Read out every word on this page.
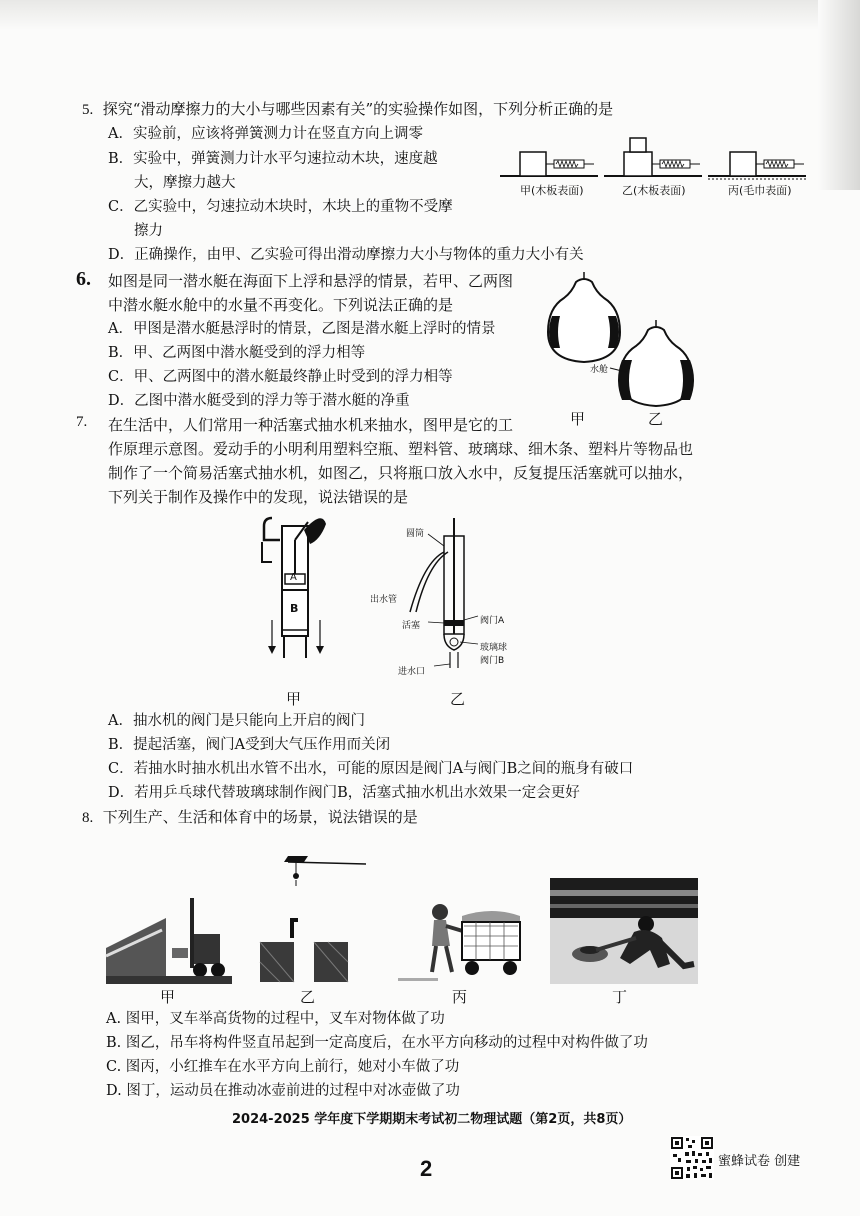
5. 探究“滑动摩擦力的大小与哪些因素有关”的实验操作如图，下列分析正确的是
A．实验前，应该将弹簧测力计在竖直方向上调零
B．实验中，弹簧测力计水平匀速拉动木块，速度越
大，摩擦力越大
C．乙实验中，匀速拉动木块时，木块上的重物不受摩
擦力
D．正确操作，由甲、乙实验可得出滑动摩擦力大小与物体的重力大小有关
甲(木板表面)	乙(木板表面)	丙(毛巾表面)
6. 如图是同一潜水艇在海面下上浮和悬浮的情景，若甲、乙两图
中潜水艇水舱中的水量不再变化。下列说法正确的是
A．甲图是潜水艇悬浮时的情景，乙图是潜水艇上浮时的情景
B．甲、乙两图中潜水艇受到的浮力相等
C．甲、乙两图中的潜水艇最终静止时受到的浮力相等
D．乙图中潜水艇受到的浮力等于潜水艇的净重
水舱
甲	乙
7. 在生活中，人们常用一种活塞式抽水机来抽水，图甲是它的工
作原理示意图。爱动手的小明利用塑料空瓶、塑料管、玻璃球、细木条、塑料片等物品也
制作了一个简易活塞式抽水机，如图乙，只将瓶口放入水中，反复提压活塞就可以抽水，
下列关于制作及操作中的发现，说法错误的是
A
B
甲
圆筒
出水管
活塞	阀门A
玻璃球
阀门B
进水口
乙
A．抽水机的阀门是只能向上开启的阀门
B．提起活塞，阀门A受到大气压作用而关闭
C．若抽水时抽水机出水管不出水，可能的原因是阀门A与阀门B之间的瓶身有破口
D．若用乒乓球代替玻璃球制作阀门B，活塞式抽水机出水效果一定会更好
8. 下列生产、生活和体育中的场景，说法错误的是
甲	乙	丙	丁
A. 图甲，叉车举高货物的过程中，叉车对物体做了功
B. 图乙，吊车将构件竖直吊起到一定高度后，在水平方向移动的过程中对构件做了功
C. 图丙，小红推车在水平方向上前行，她对小车做了功
D. 图丁，运动员在推动冰壶前进的过程中对冰壶做了功
2024-2025 学年度下学期期末考试初二物理试题（第2页，共8页）
2	蜜蜂试卷 创建
